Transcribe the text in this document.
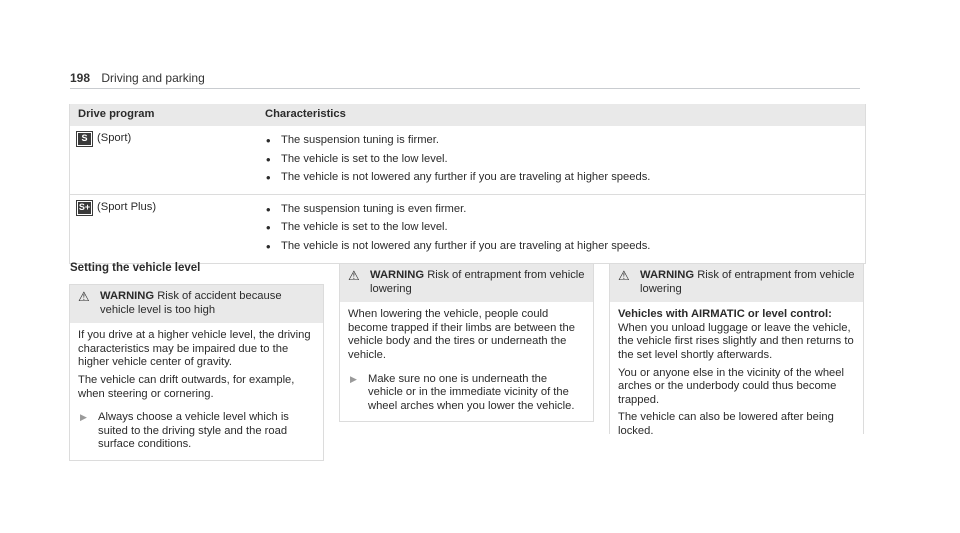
198 Driving and parking
Drive program	Characteristics
S (Sport)	• The suspension tuning is firmer.
• The vehicle is set to the low level.
• The vehicle is not lowered any further if you are traveling at higher speeds.
S+ (Sport Plus)	• The suspension tuning is even firmer.
• The vehicle is set to the low level.
• The vehicle is not lowered any further if you are traveling at higher speeds.
Setting the vehicle level
⚠ WARNING Risk of accident because vehicle level is too high

If you drive at a higher vehicle level, the driving characteristics may be impaired due to the higher vehicle center of gravity.

The vehicle can drift outwards, for example, when steering or cornering.

▶ Always choose a vehicle level which is suited to the driving style and the road surface conditions.
⚠ WARNING Risk of entrapment from vehicle lowering

When lowering the vehicle, people could become trapped if their limbs are between the vehicle body and the tires or underneath the vehicle.

▶ Make sure no one is underneath the vehicle or in the immediate vicinity of the wheel arches when you lower the vehicle.
⚠ WARNING Risk of entrapment from vehicle lowering

Vehicles with AIRMATIC or level control:

When you unload luggage or leave the vehicle, the vehicle first rises slightly and then returns to the set level shortly afterwards.

You or anyone else in the vicinity of the wheel arches or the underbody could thus become trapped.

The vehicle can also be lowered after being locked.
